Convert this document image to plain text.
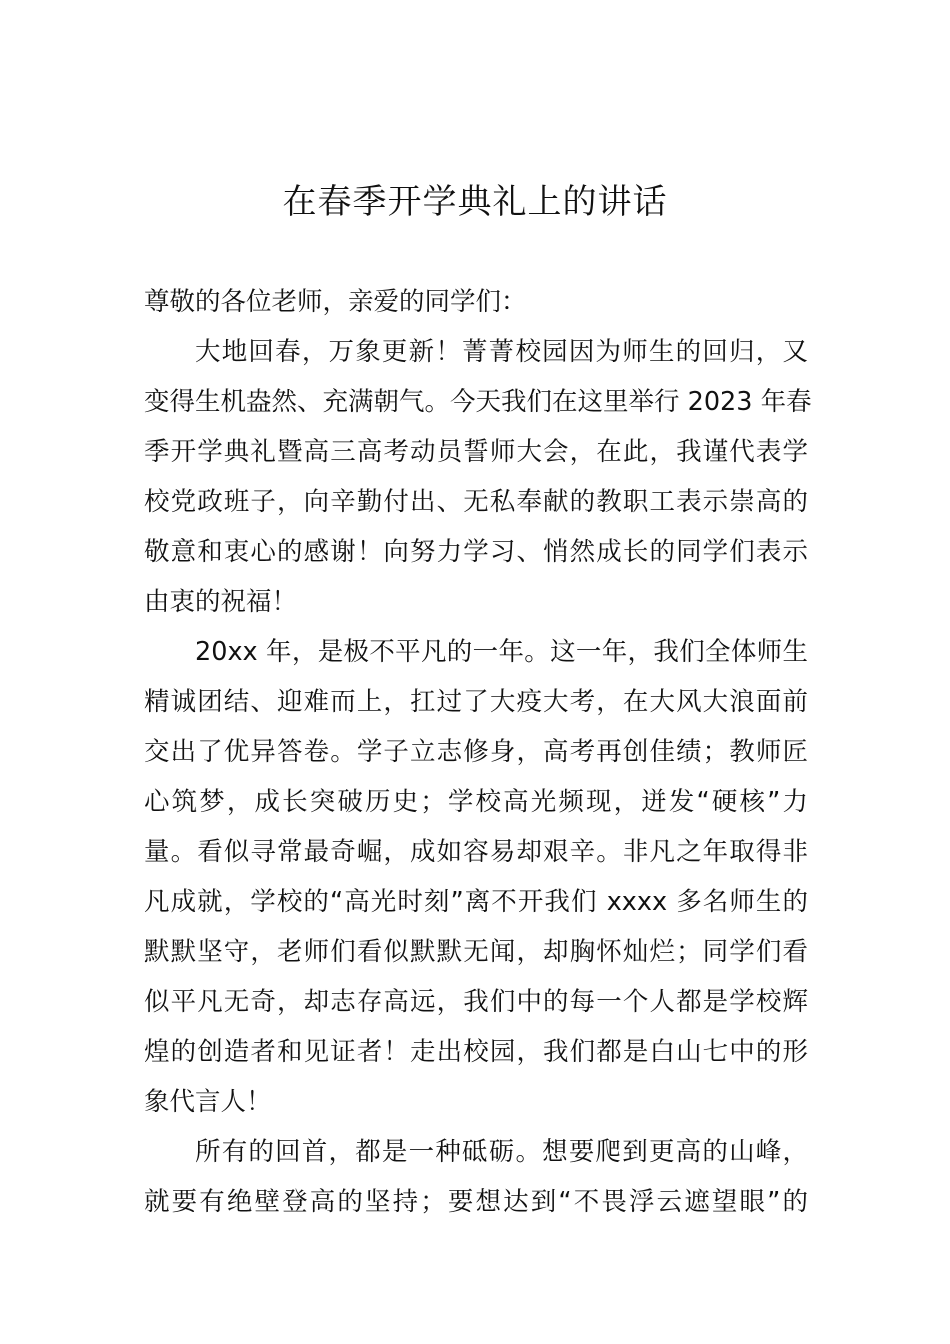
在春季开学典礼上的讲话
尊敬的各位老师，亲爱的同学们：
大地回春，万象更新！菁菁校园因为师生的回归，又
变得生机盎然、充满朝气。今天我们在这里举行 2023 年春
季开学典礼暨高三高考动员誓师大会，在此，我谨代表学
校党政班子，向辛勤付出、无私奉献的教职工表示崇高的
敬意和衷心的感谢！向努力学习、悄然成长的同学们表示
由衷的祝福！
20xx 年，是极不平凡的一年。这一年，我们全体师生
精诚团结、迎难而上，扛过了大疫大考，在大风大浪面前
交出了优异答卷。学子立志修身，高考再创佳绩；教师匠
心筑梦，成长突破历史；学校高光频现，迸发“硬核”力
量。看似寻常最奇崛，成如容易却艰辛。非凡之年取得非
凡成就，学校的“高光时刻”离不开我们 xxxx 多名师生的
默默坚守，老师们看似默默无闻，却胸怀灿烂；同学们看
似平凡无奇，却志存高远，我们中的每一个人都是学校辉
煌的创造者和见证者！走出校园，我们都是白山七中的形
象代言人！
所有的回首，都是一种砥砺。想要爬到更高的山峰，
就要有绝壁登高的坚持；要想达到“不畏浮云遮望眼”的
